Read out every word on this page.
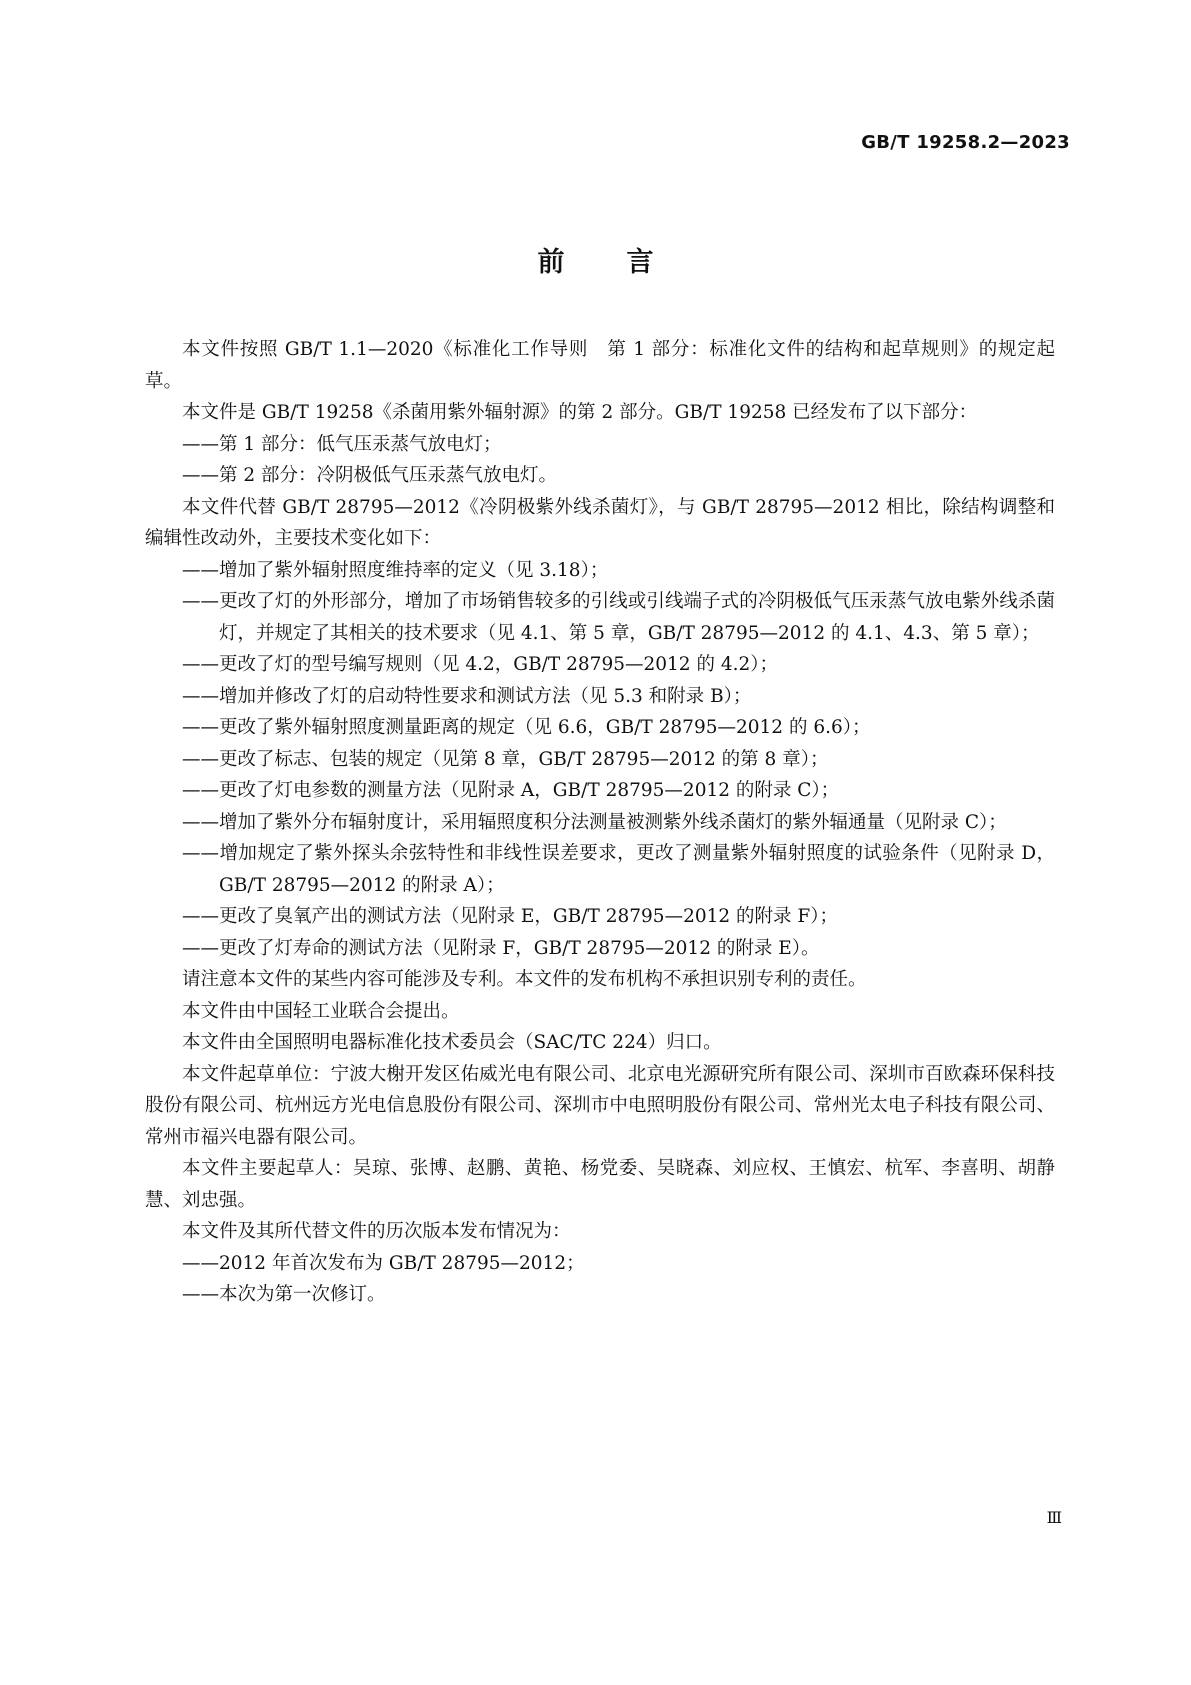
GB/T 19258.2—2023
前 言

本文件按照 GB/T 1.1—2020《标准化工作导则　第 1 部分：标准化文件的结构和起草规则》的规定起草。

本文件是 GB/T 19258《杀菌用紫外辐射源》的第 2 部分。GB/T 19258 已经发布了以下部分：

——第 1 部分：低气压汞蒸气放电灯；

——第 2 部分：冷阴极低气压汞蒸气放电灯。

本文件代替 GB/T 28795—2012《冷阴极紫外线杀菌灯》，与 GB/T 28795—2012 相比，除结构调整和编辑性改动外，主要技术变化如下：

——增加了紫外辐射照度维持率的定义（见 3.18）；

——更改了灯的外形部分，增加了市场销售较多的引线或引线端子式的冷阴极低气压汞蒸气放电紫外线杀菌灯，并规定了其相关的技术要求（见 4.1、第 5 章，GB/T 28795—2012 的 4.1、4.3、第 5 章）；

——更改了灯的型号编写规则（见 4.2，GB/T 28795—2012 的 4.2）；

——增加并修改了灯的启动特性要求和测试方法（见 5.3 和附录 B）；

——更改了紫外辐射照度测量距离的规定（见 6.6，GB/T 28795—2012 的 6.6）；

——更改了标志、包装的规定（见第 8 章，GB/T 28795—2012 的第 8 章）；

——更改了灯电参数的测量方法（见附录 A，GB/T 28795—2012 的附录 C）；

——增加了紫外分布辐射度计，采用辐照度积分法测量被测紫外线杀菌灯的紫外辐通量（见附录 C）；

——增加规定了紫外探头余弦特性和非线性误差要求，更改了测量紫外辐射照度的试验条件（见附录 D，GB/T 28795—2012 的附录 A）；

——更改了臭氧产出的测试方法（见附录 E，GB/T 28795—2012 的附录 F）；

——更改了灯寿命的测试方法（见附录 F，GB/T 28795—2012 的附录 E）。

请注意本文件的某些内容可能涉及专利。本文件的发布机构不承担识别专利的责任。

本文件由中国轻工业联合会提出。

本文件由全国照明电器标准化技术委员会（SAC/TC 224）归口。

本文件起草单位：宁波大榭开发区佑威光电有限公司、北京电光源研究所有限公司、深圳市百欧森环保科技股份有限公司、杭州远方光电信息股份有限公司、深圳市中电照明股份有限公司、常州光太电子科技有限公司、常州市福兴电器有限公司。

本文件主要起草人：吴琼、张博、赵鹏、黄艳、杨党委、吴晓森、刘应权、王慎宏、杭军、李喜明、胡静慧、刘忠强。

本文件及其所代替文件的历次版本发布情况为：

——2012 年首次发布为 GB/T 28795—2012；

——本次为第一次修订。

Ⅲ
